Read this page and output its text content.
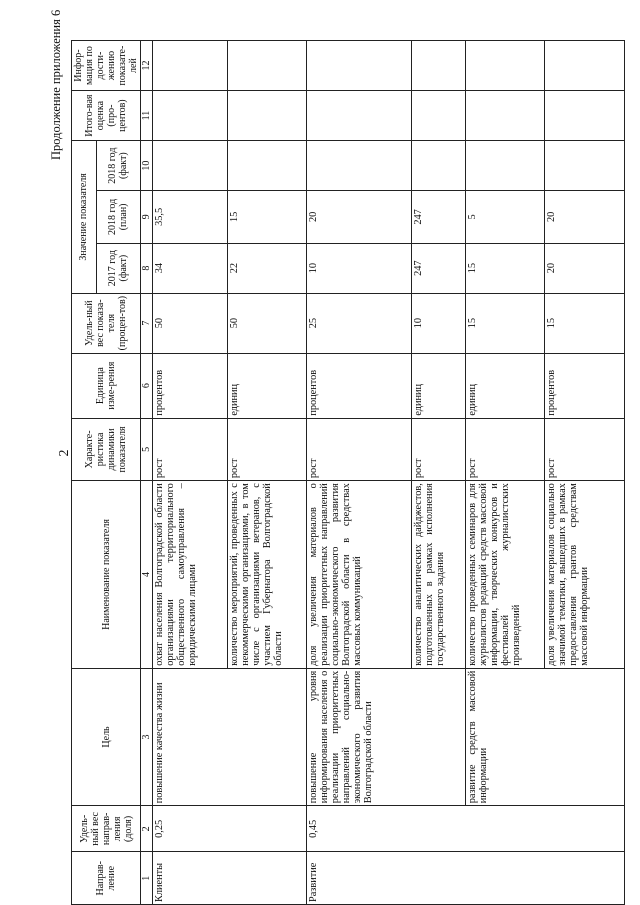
2
Продолжение приложения 6
Направ-ление	Удель-ный вес направ-ления (доля)	Цель	Наименование показателя	Характе-ристика динамики показателя	Единица изме-рения	Удель-ный вес показа-теля (процен-тов)	Значение показателя			Итого-вая оценка (про-центов)	Инфор-мация по дости-жению показате-лей
							2017 год (факт)	2018 год (план)	2018 год (факт)		
1	2	3	4	5	6	7	8	9	10	11	12
Клиенты	0,25	повышение качества жизни	охват населения Волгоградской области организациями территориального общественного самоуправления – юридическими лицами	рост	процентов	50	34	35,5			
			количество мероприятий, проведенных с некоммерческими организациями, в том числе с организациями ветеранов, с участием Губернатора Волгоградской области	рост	единиц	50	22	15			
Развитие	0,45	повышение уровня информирования населения о реализации приоритетных направлений социально-экономического развития Волгоградской области	доля увеличения материалов о реализации приоритетных направлений социально-экономического развития Волгоградской области в средствах массовых коммуникаций	рост	процентов	25	10	20			
			количество аналитических дайджестов, подготовленных в рамках исполнения государственного задания	рост	единиц	10	247	247			
		развитие средств массовой информации	количество проведенных семинаров для журналистов редакций средств массовой информации, творческих конкурсов и фестивалей журналистских произведений	рост	единиц	15	15	5			
			доля увеличения материалов социально значимой тематики, вышедших в рамках предоставления грантов средствам массовой информации	рост	процентов	15	20	20			
